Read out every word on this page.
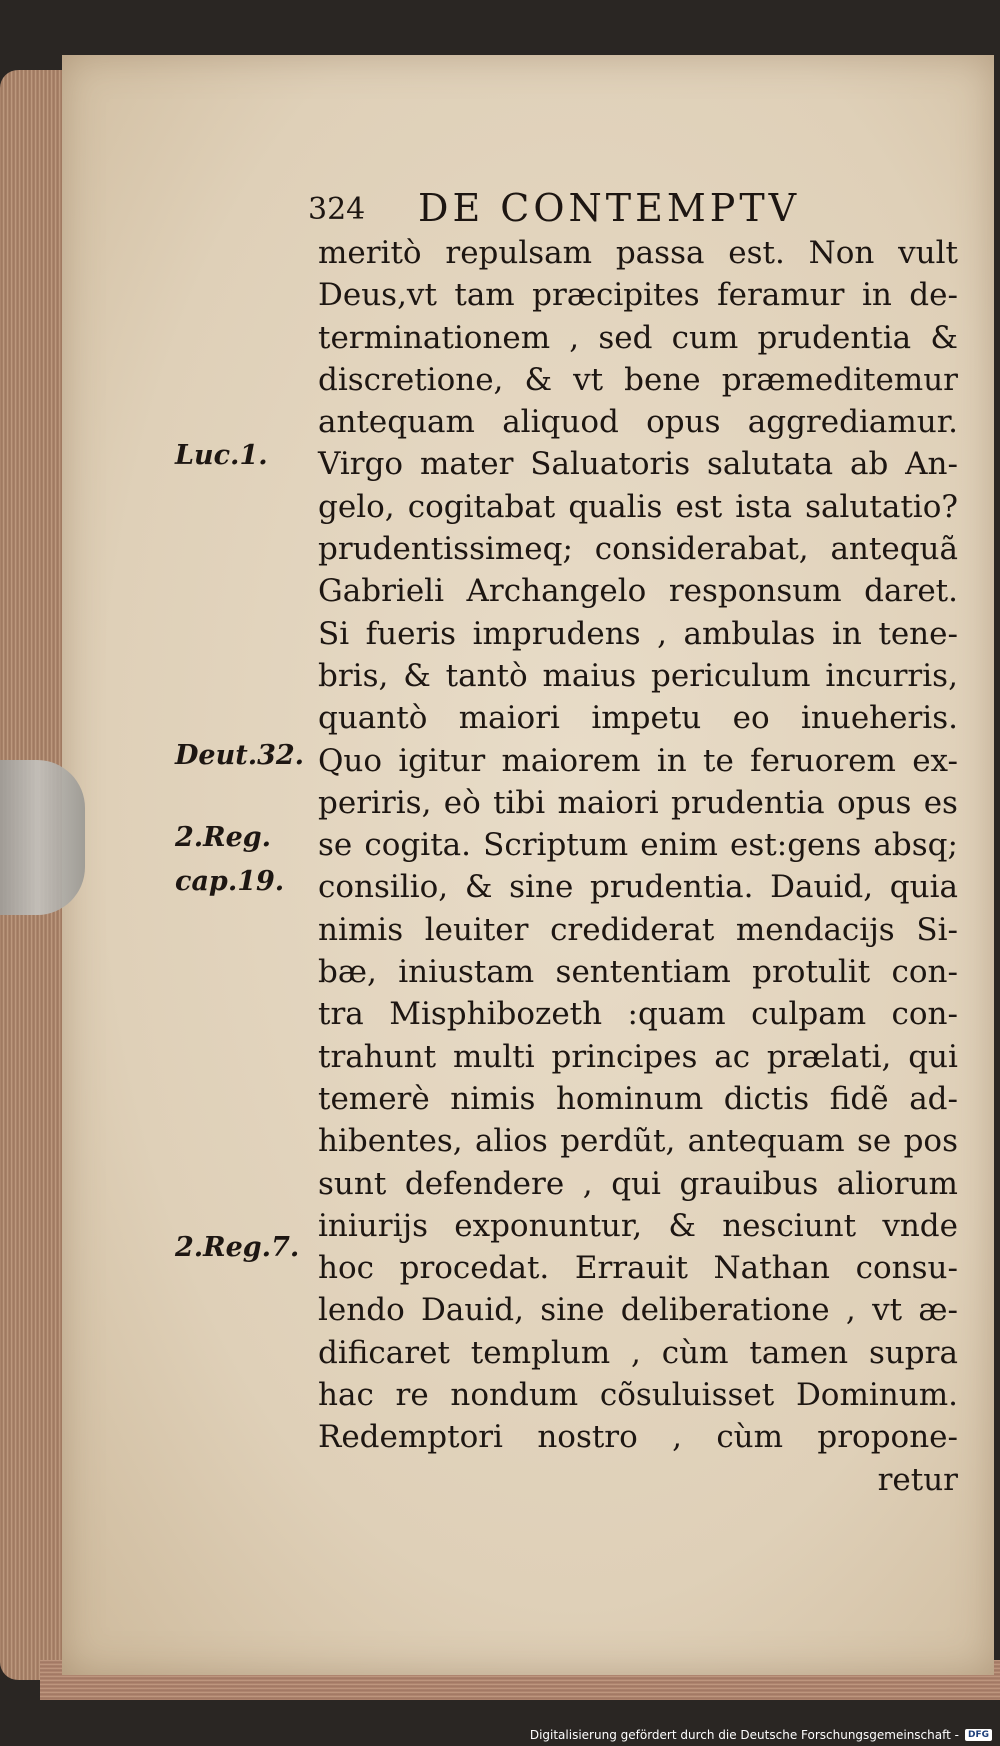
324 DE CONTEMPTV
meritò repulsam passa est. Non vult
Deus,vt tam præcipites feramur in de-
terminationem , sed cum prudentia &
discretione, & vt bene præmeditemur
antequam aliquod opus aggrediamur.
Virgo mater Saluatoris salutata ab An-
gelo, cogitabat qualis est ista salutatio?
prudentissimeq; considerabat, antequã
Gabrieli Archangelo responsum daret.
Si fueris imprudens , ambulas in tene-
bris, & tantò maius periculum incurris,
quantò maiori impetu eo inueheris.
Quo igitur maiorem in te feruorem ex-
periris, eò tibi maiori prudentia opus es
se cogita. Scriptum enim est:gens absq;
consilio, & sine prudentia. Dauid, quia
nimis leuiter crediderat mendacijs Si-
bæ, iniustam sententiam protulit con-
tra Misphibozeth :quam culpam con-
trahunt multi principes ac prælati, qui
temerè nimis hominum dictis fidẽ ad-
hibentes, alios perdũt, antequam se pos
sunt defendere , qui grauibus aliorum
iniurijs exponuntur, & nesciunt vnde
hoc procedat. Errauit Nathan consu-
lendo Dauid, sine deliberatione , vt æ-
dificaret templum , cùm tamen supra
hac re nondum cõsuluisset Dominum.
Redemptori nostro , cùm propone-
retur
Luc.1.
Deut.32.
2.Reg.
cap.19.
2.Reg.7.
Digitalisierung gefördert durch die Deutsche Forschungsgemeinschaft -	DFG
